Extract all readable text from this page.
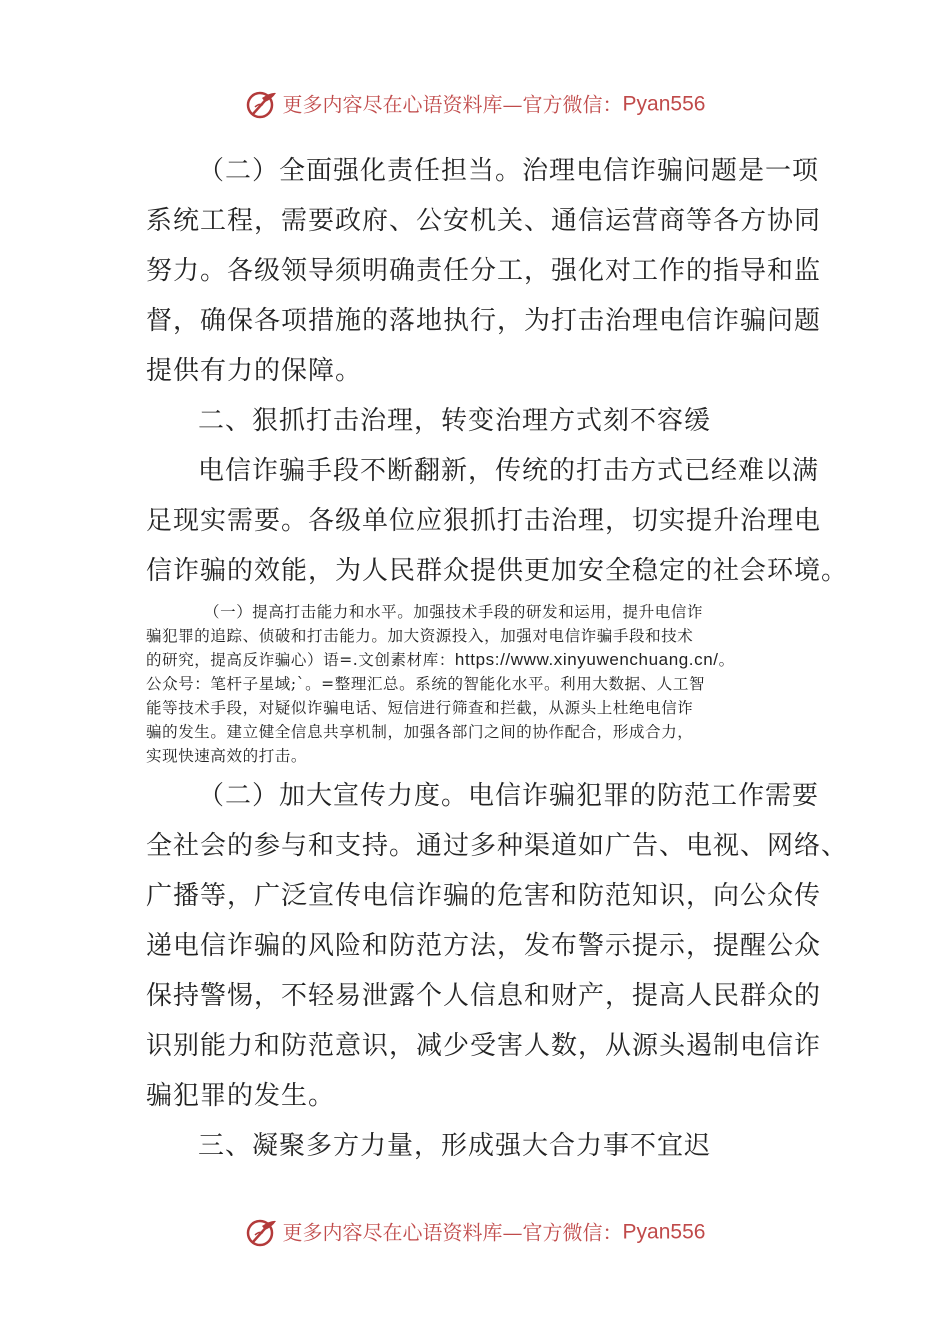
更多内容尽在心语资料库—官方微信：Pyan556

（二）全面强化责任担当。治理电信诈骗问题是一项
系统工程，需要政府、公安机关、通信运营商等各方协同
努力。各级领导须明确责任分工，强化对工作的指导和监
督，确保各项措施的落地执行，为打击治理电信诈骗问题
提供有力的保障。

二、狠抓打击治理，转变治理方式刻不容缓

电信诈骗手段不断翻新，传统的打击方式已经难以满
足现实需要。各级单位应狠抓打击治理，切实提升治理电
信诈骗的效能，为人民群众提供更加安全稳定的社会环境。

（一）提高打击能力和水平。加强技术手段的研发和运用，提升电信诈
骗犯罪的追踪、侦破和打击能力。加大资源投入，加强对电信诈骗手段和技术
的研究，提高反诈骗心）语=.文创素材库：https://www.xinyuwenchuang.cn/。
公众号：笔杆子星域;`。=整理汇总。系统的智能化水平。利用大数据、人工智
能等技术手段，对疑似诈骗电话、短信进行筛查和拦截，从源头上杜绝电信诈
骗的发生。建立健全信息共享机制，加强各部门之间的协作配合，形成合力，
实现快速高效的打击。

（二）加大宣传力度。电信诈骗犯罪的防范工作需要
全社会的参与和支持。通过多种渠道如广告、电视、网络、
广播等，广泛宣传电信诈骗的危害和防范知识，向公众传
递电信诈骗的风险和防范方法，发布警示提示，提醒公众
保持警惕，不轻易泄露个人信息和财产，提高人民群众的
识别能力和防范意识，减少受害人数，从源头遏制电信诈
骗犯罪的发生。

三、凝聚多方力量，形成强大合力事不宜迟

更多内容尽在心语资料库—官方微信：Pyan556
